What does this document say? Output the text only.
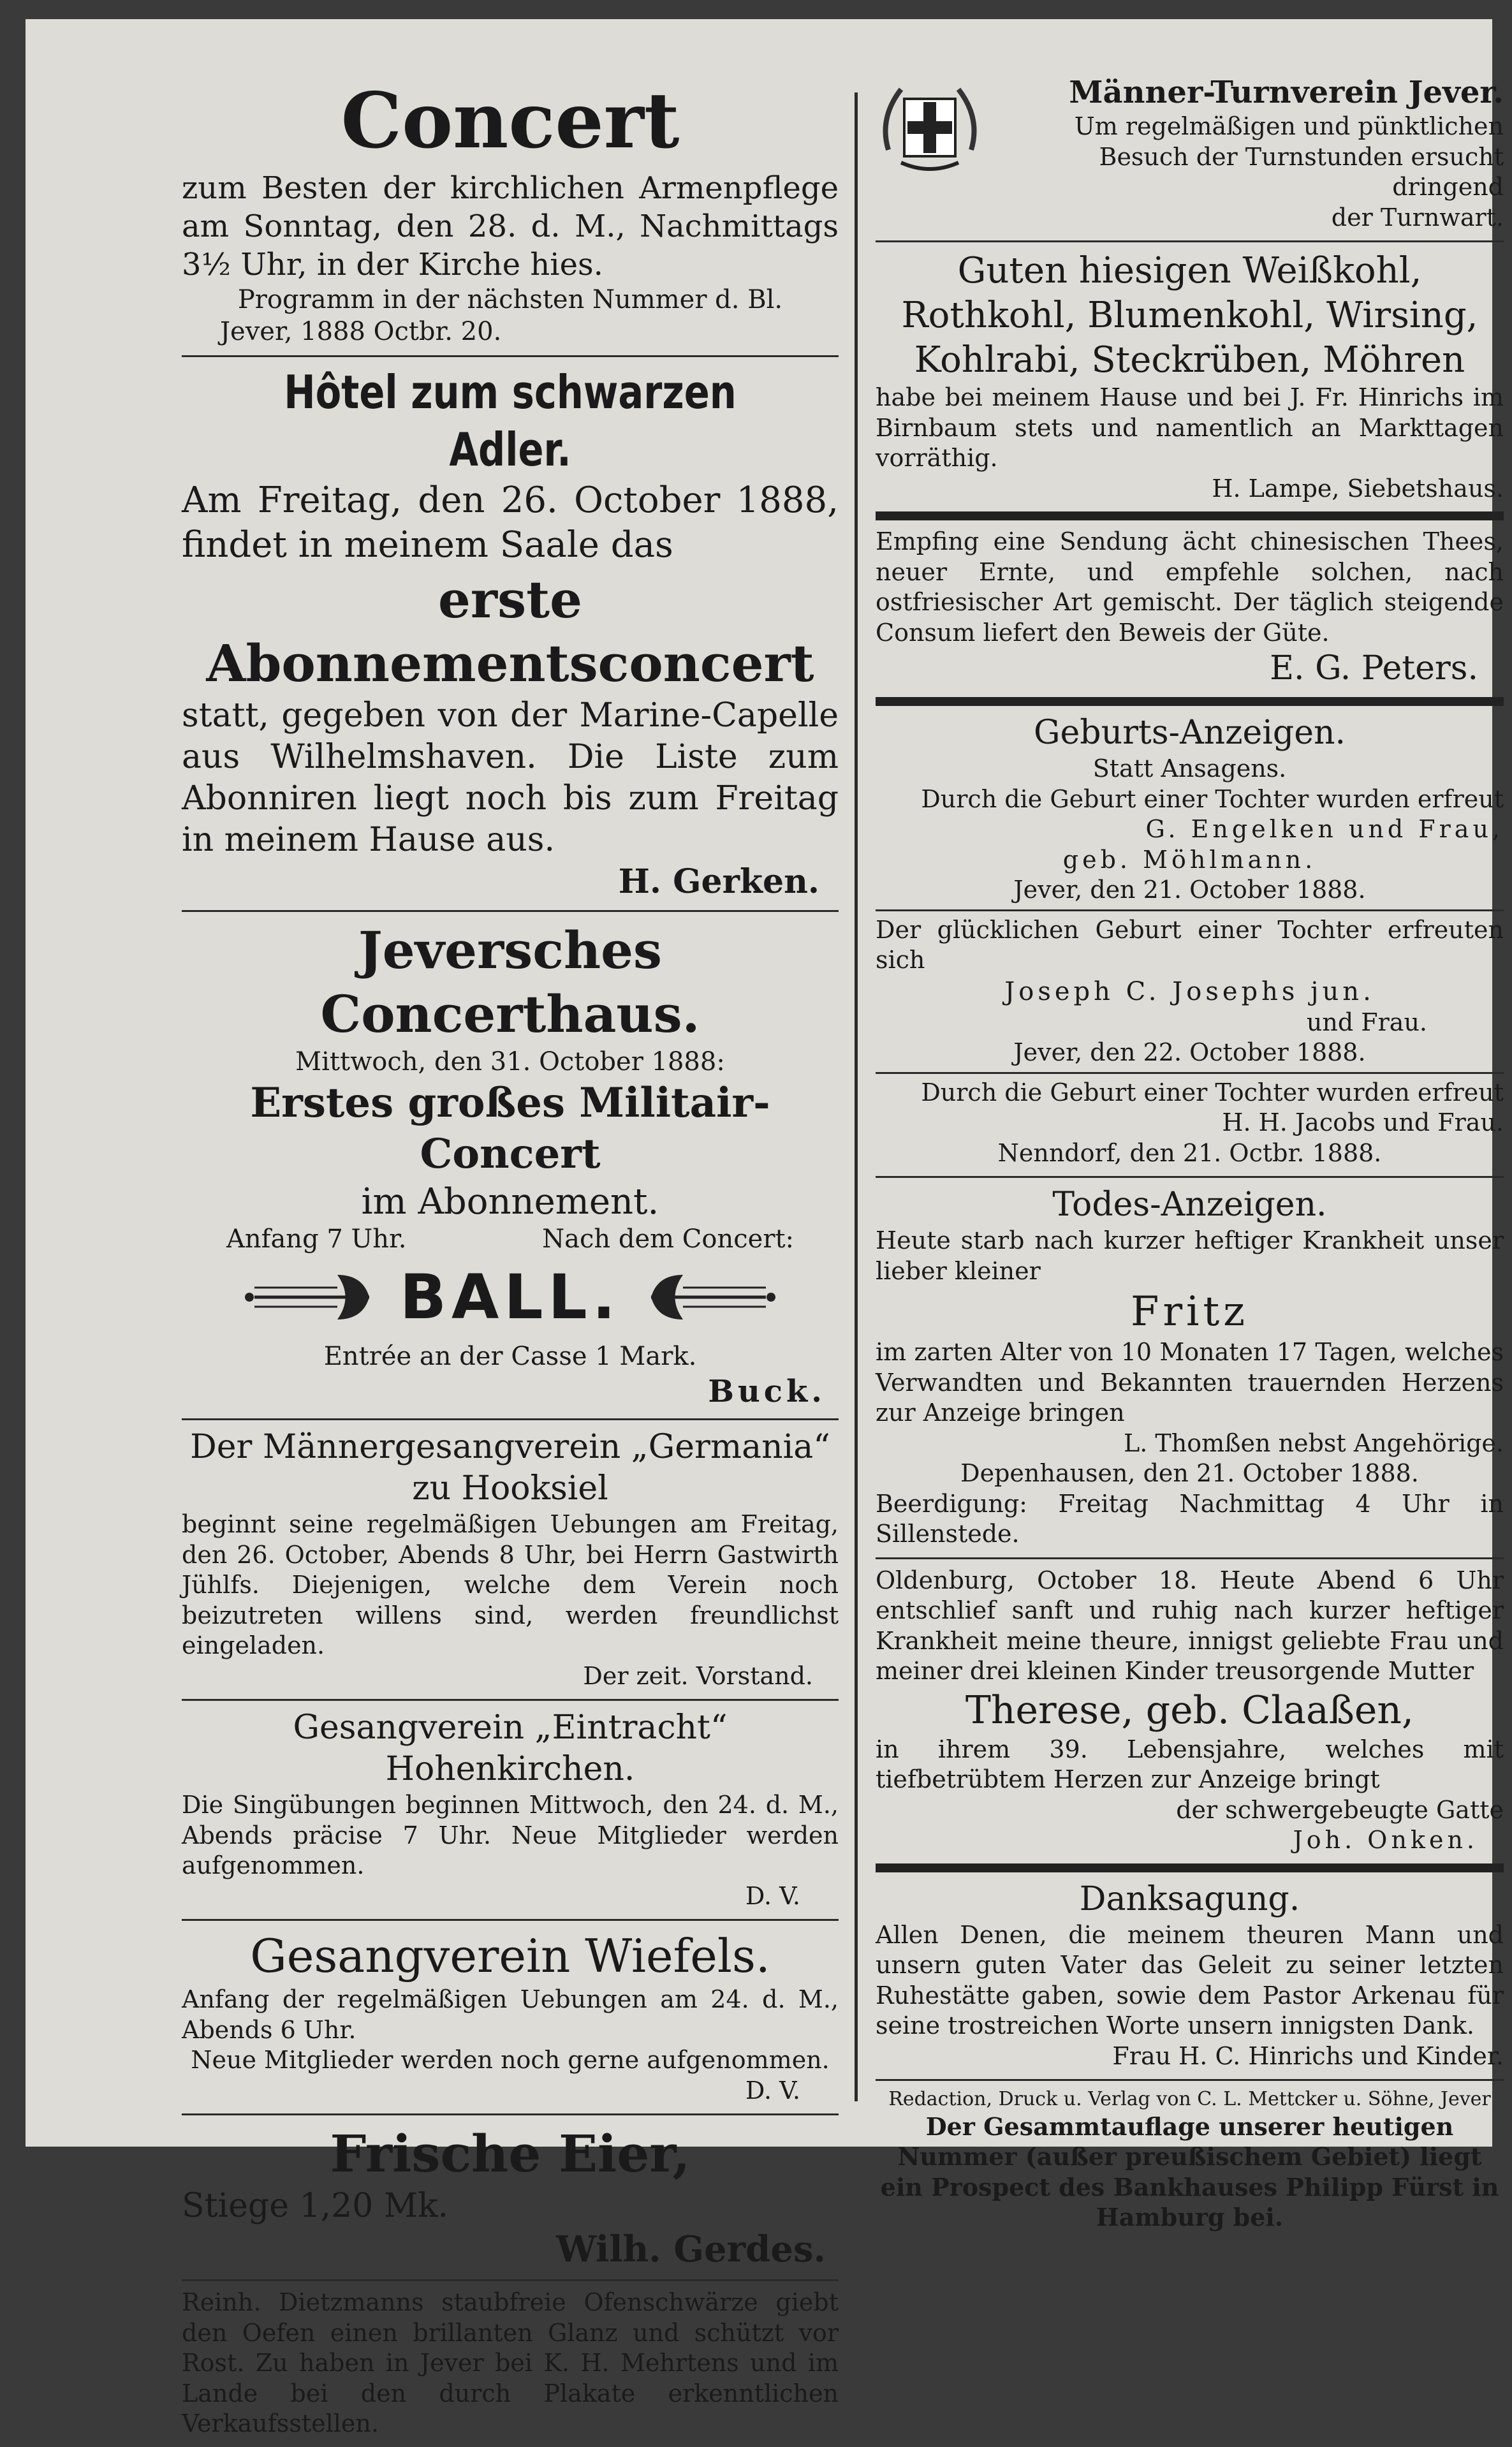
Concert

zum Besten der kirchlichen Armenpflege am Sonntag, den 28. d. M., Nachmittags 3½ Uhr, in der Kirche hies.

Programm in der nächsten Nummer d. Bl.

Jever, 1888 Octbr. 20.

Hôtel zum schwarzen Adler.

Am Freitag, den 26. October 1888, findet in meinem Saale das

erste Abonnementsconcert

statt, gegeben von der Marine-Capelle aus Wilhelmshaven. Die Liste zum Abonniren liegt noch bis zum Freitag in meinem Hause aus.

H. Gerken.

Jeversches Concerthaus.

Mittwoch, den 31. October 1888:

Erstes großes Militair-Concert

im Abonnement.

Anfang 7 Uhr.	Nach dem Concert:
BALL.

Entrée an der Casse 1 Mark.

Buck.

Der Männergesangverein „Germania“

zu Hooksiel

beginnt seine regelmäßigen Uebungen am Freitag, den 26. October, Abends 8 Uhr, bei Herrn Gastwirth Jühlfs. Diejenigen, welche dem Verein noch beizutreten willens sind, werden freundlichst eingeladen.

Der zeit. Vorstand.

Gesangverein „Eintracht“ Hohenkirchen.

Die Singübungen beginnen Mittwoch, den 24. d. M., Abends präcise 7 Uhr. Neue Mitglieder werden aufgenommen.

D. V.

Gesangverein Wiefels.

Anfang der regelmäßigen Uebungen am 24. d. M., Abends 6 Uhr.

Neue Mitglieder werden noch gerne aufgenommen.

D. V.

Frische Eier,

Stiege 1,20 Mk.

Wilh. Gerdes.

Reinh. Dietzmanns staubfreie Ofenschwärze giebt den Oefen einen brillanten Glanz und schützt vor Rost. Zu haben in Jever bei K. H. Mehrtens und im Lande bei den durch Plakate erkenntlichen Verkaufsstellen.

Männer-Turnverein Jever.

Um regelmäßigen und pünktlichen Besuch der Turnstunden ersucht dringend

der Turnwart.

Guten hiesigen Weißkohl, Rothkohl, Blumenkohl, Wirsing, Kohlrabi, Steckrüben, Möhren

habe bei meinem Hause und bei J. Fr. Hinrichs im Birnbaum stets und namentlich an Markttagen vorräthig.

H. Lampe, Siebetshaus.

Empfing eine Sendung ächt chinesischen Thees, neuer Ernte, und empfehle solchen, nach ostfriesischer Art gemischt. Der täglich steigende Consum liefert den Beweis der Güte.

E. G. Peters.

Geburts-Anzeigen.

Statt Ansagens.

Durch die Geburt einer Tochter wurden erfreut

G. Engelken und Frau,

geb. Möhlmann.

Jever, den 21. October 1888.

Der glücklichen Geburt einer Tochter erfreuten sich

Joseph C. Josephs jun.

und Frau.

Jever, den 22. October 1888.

Durch die Geburt einer Tochter wurden erfreut

H. H. Jacobs und Frau.

Nenndorf, den 21. Octbr. 1888.

Todes-Anzeigen.

Heute starb nach kurzer heftiger Krankheit unser lieber kleiner

Fritz

im zarten Alter von 10 Monaten 17 Tagen, welches Verwandten und Bekannten trauernden Herzens zur Anzeige bringen

L. Thomßen nebst Angehörige.

Depenhausen, den 21. October 1888.

Beerdigung: Freitag Nachmittag 4 Uhr in Sillenstede.

Oldenburg, October 18. Heute Abend 6 Uhr entschlief sanft und ruhig nach kurzer heftiger Krankheit meine theure, innigst geliebte Frau und meiner drei kleinen Kinder treusorgende Mutter

Therese, geb. Claaßen,

in ihrem 39. Lebensjahre, welches mit tiefbetrübtem Herzen zur Anzeige bringt

der schwergebeugte Gatte

Joh. Onken.

Danksagung.

Allen Denen, die meinem theuren Mann und unsern guten Vater das Geleit zu seiner letzten Ruhestätte gaben, sowie dem Pastor Arkenau für seine trostreichen Worte unsern innigsten Dank.

Frau H. C. Hinrichs und Kinder.

Redaction, Druck u. Verlag von C. L. Mettcker u. Söhne, Jever

Der Gesammtauflage unserer heutigen Nummer (außer preußischem Gebiet) liegt ein Prospect des Bankhauses Philipp Fürst in Hamburg bei.
